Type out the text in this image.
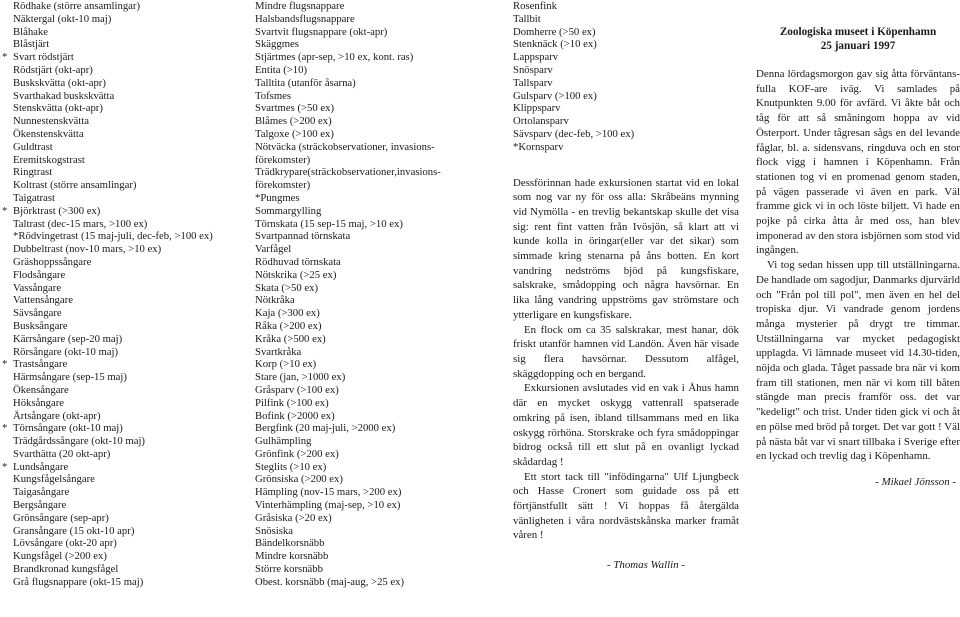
Rödhake (större ansamlingar)
Näktergal (okt-10 maj)
Blåhake
Blåstjärt
* Svart rödstjärt
Rödstjärt (okt-apr)
Buskskvätta (okt-apr)
Svarthakad buskskvätta
Stenskvätta (okt-apr)
Nunnestenskvätta
Ökenstenskvätta
Guldtrast
Eremitskogstrast
Ringtrast
Koltrast (större ansamlingar)
Taigatrast
* Björktrast (>300 ex)
Taltrast (dec-15 mars, >100 ex)
*Rödvingetrast (15 maj-juli, dec-feb, >100 ex)
Dubbeltrast (nov-10 mars, >10 ex)
Gräshoppssångare
Flodsångare
Vassångare
Vattensångare
Sävsångare
Busksångare
Kärrsångare (sep-20 maj)
Rörsångare (okt-10 maj)
* Trastsångare
Härmsångare (sep-15 maj)
Ökensångare
Höksångare
Ärtsångare (okt-apr)
* Törnsångare (okt-10 maj)
Trädgårdssångare (okt-10 maj)
Svarthätta (20 okt-apr)
* Lundsångare
Kungsfågelsångare
Taigasångare
Bergsångare
Grönsångare (sep-apr)
Gransångare (15 okt-10 apr)
Lövsångare (okt-20 apr)
Kungsfågel (>200 ex)
Brandkronad kungsfågel
Grå flugsnappare (okt-15 maj)
Mindre flugsnappare
Halsbandsflugsnappare
Svartvit flugsnappare (okt-apr)
Skäggmes
Stjärtmes (apr-sep, >10 ex, kont. ras)
Entita (>10)
Talltita (utanför åsarna)
Tofsmes
Svartmes (>50 ex)
Blåmes (>200 ex)
Talgoxe (>100 ex)
Nötväcka (sträckobservationer, invasions-
förekomster)
Trädkrypare(sträckobservationer,invasions-
förekomster)
*Pungmes
Sommargylling
Törnskata (15 sep-15 maj, >10 ex)
Svartpannad törnskata
Varfågel
Rödhuvad törnskata
Nötskrika (>25 ex)
Skata (>50 ex)
Nötkråka
Kaja (>300 ex)
Råka (>200 ex)
Kråka (>500 ex)
Svartkråka
Korp (>10 ex)
Stare (jan, >1000 ex)
Gråsparv (>100 ex)
Pilfink (>100 ex)
Bofink (>2000 ex)
Bergfink (20 maj-juli, >2000 ex)
Gulhämpling
Grönfink (>200 ex)
Steglits (>10 ex)
Grönsiska (>200 ex)
Hämpling (nov-15 mars, >200 ex)
Vinterhämpling (maj-sep, >10 ex)
Gråsiska (>20 ex)
Snösiska
Bändelkorsnäbb
Mindre korsnäbb
Större korsnäbb
Obest. korsnäbb (maj-aug, >25 ex)
Rosenfink
Tallbit
Domherre (>50 ex)
Stenknäck (>10 ex)
Lappsparv
Snösparv
Tallsparv
Gulsparv (>100 ex)
Klippsparv
Ortolansparv
Sävsparv (dec-feb, >100 ex)
*Kornsparv

Dessförinnan hade exkursionen startat vid en lokal som nog var ny för oss alla: Skråbeäns mynning vid Nymölla - en trevlig bekantskap skulle det visa sig: rent fint vatten från Ivösjön, så klart att vi kunde kolla in öringar(eller var det sikar) som simmade kring stenarna på åns botten. En kort vandring nedströms bjöd på kungsfiskare, salskrake, smådopping och några havsörnar. En lika lång vandring uppströms gav strömstare och ytterligare en kungsfiskare.

En flock om ca 35 salskrakar, mest hanar, dök friskt utanför hamnen vid Landön. Även här visade sig flera havsörnar. Dessutom alfågel, skäggdopping och en bergand.

Exkursionen avslutades vid en vak i Åhus hamn där en mycket oskygg vattenrall spatserade omkring på isen, ibland tillsammans med en lika oskygg rörhöna. Storskrake och fyra smådoppingar bidrog också till ett slut på en ovanligt lyckad skådardag !

Ett stort tack till "infödingarna" Ulf Ljungbeck och Hasse Cronert som guidade oss på ett förtjänstfullt sätt ! Vi hoppas få återgälda vänligheten i våra nordvästskånska marker framåt våren !

- Thomas Wallin -
Zoologiska museet i Köpenhamn
25 januari 1997

Denna lördagsmorgon gav sig åtta förväntans-fulla KOF-are iväg. Vi samlades på Knutpunkten 9.00 för avfärd. Vi åkte båt och tåg för att så småningom hoppa av vid Österport. Under tågresan sågs en del levande fåglar, bl. a. sidensvans, ringduva och en stor flock vigg i hamnen i Köpenhamn. Från stationen tog vi en promenad genom staden, på vägen passerade vi även en park. Väl framme gick vi in och löste biljett. Vi hade en pojke på cirka åtta år med oss, han blev imponerad av den stora isbjörnen som stod vid ingången.

Vi tog sedan hissen upp till utställningarna. De handlade om sagodjur, Danmarks djurvärld och "Från pol till pol", men även en hel del tropiska djur. Vi vandrade genom jordens många mysterier på drygt tre timmar. Utställningarna var mycket pedagogiskt upplagda. Vi lämnade museet vid 14.30-tiden, nöjda och glada. Tåget passade bra när vi kom fram till stationen, men när vi kom till båten stängde man precis framför oss. det var "kedeligt" och trist. Under tiden gick vi och åt en pölse med bröd på torget. Det var gott ! Väl på nästa båt var vi snart tillbaka i Sverige efter en lyckad och trevlig dag i Köpenhamn.

- Mikael Jönsson -
